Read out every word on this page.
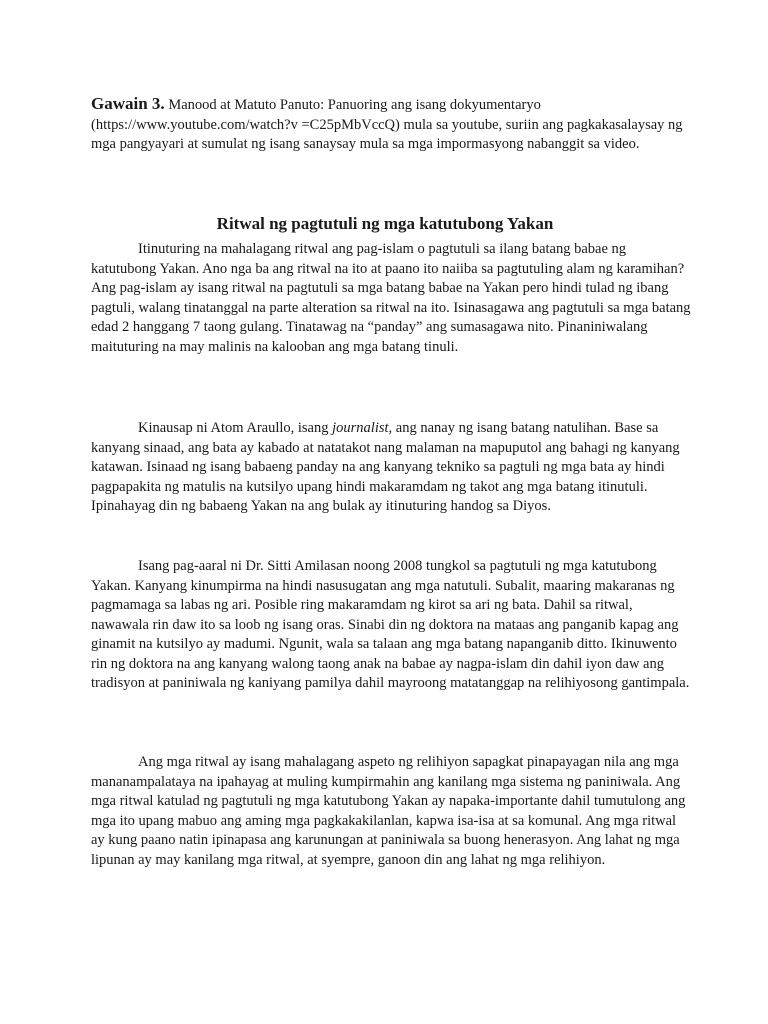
Gawain 3. Manood at Matuto Panuto: Panuoring ang isang dokyumentaryo (https://www.youtube.com/watch?v =C25pMbVccQ) mula sa youtube, suriin ang pagkakasalaysay ng mga pangyayari at sumulat ng isang sanaysay mula sa mga impormasyong nabanggit sa video.
Ritwal ng pagtutuli ng mga katutubong Yakan

Itinuturing na mahalagang ritwal ang pag-islam o pagtutuli sa ilang batang babae ng katutubong Yakan. Ano nga ba ang ritwal na ito at paano ito naiiba sa pagtutuling alam ng karamihan? Ang pag-islam ay isang ritwal na pagtutuli sa mga batang babae na Yakan pero hindi tulad ng ibang pagtuli, walang tinatanggal na parte alteration sa ritwal na ito. Isinasagawa ang pagtutuli sa mga batang edad 2 hanggang 7 taong gulang. Tinatawag na “panday” ang sumasagawa nito. Pinaniniwalang maituturing na may malinis na kalooban ang mga batang tinuli.

Kinausap ni Atom Araullo, isang journalist, ang nanay ng isang batang natulihan. Base sa kanyang sinaad, ang bata ay kabado at natatakot nang malaman na mapuputol ang bahagi ng kanyang katawan. Isinaad ng isang babaeng panday na ang kanyang tekniko sa pagtuli ng mga bata ay hindi pagpapakita ng matulis na kutsilyo upang hindi makaramdam ng takot ang mga batang itinutuli. Ipinahayag din ng babaeng Yakan na ang bulak ay itinuturing handog sa Diyos.

Isang pag-aaral ni Dr. Sitti Amilasan noong 2008 tungkol sa pagtutuli ng mga katutubong Yakan. Kanyang kinumpirma na hindi nasusugatan ang mga natutuli. Subalit, maaring makaranas ng pagmamaga sa labas ng ari. Posible ring makaramdam ng kirot sa ari ng bata. Dahil sa ritwal, nawawala rin daw ito sa loob ng isang oras. Sinabi din ng doktora na mataas ang panganib kapag ang ginamit na kutsilyo ay madumi. Ngunit, wala sa talaan ang mga batang napanganib ditto. Ikinuwento rin ng doktora na ang kanyang walong taong anak na babae ay nagpa-islam din dahil iyon daw ang tradisyon at paniniwala ng kaniyang pamilya dahil mayroong matatanggap na relihiyosong gantimpala.

Ang mga ritwal ay isang mahalagang aspeto ng relihiyon sapagkat pinapayagan nila ang mga mananampalataya na ipahayag at muling kumpirmahin ang kanilang mga sistema ng paniniwala. Ang mga ritwal katulad ng pagtutuli ng mga katutubong Yakan ay napaka-importante dahil tumutulong ang mga ito upang mabuo ang aming mga pagkakakilanlan, kapwa isa-isa at sa komunal. Ang mga ritwal ay kung paano natin ipinapasa ang karunungan at paniniwala sa buong henerasyon. Ang lahat ng mga lipunan ay may kanilang mga ritwal, at syempre, ganoon din ang lahat ng mga relihiyon.
